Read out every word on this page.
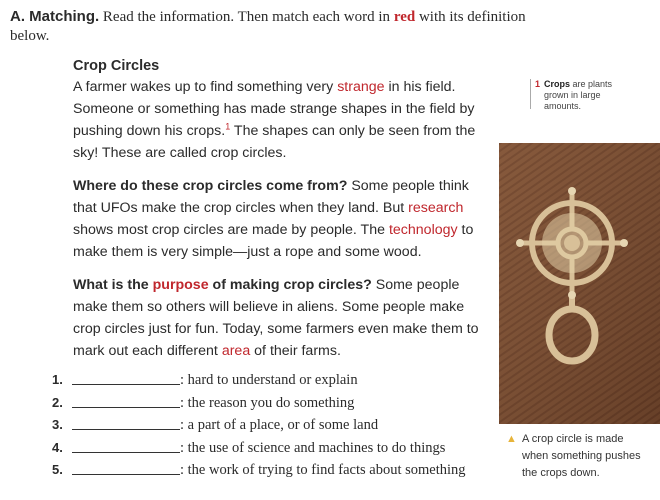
A. Matching. Read the information. Then match each word in red with its definition below.
Crop Circles

A farmer wakes up to find something very strange in his field. Someone or something has made strange shapes in the field by pushing down his crops.$^1$ The shapes can only be seen from the sky! These are called crop circles.

Where do these crop circles come from? Some people think that UFOs make the crop circles when they land. But research shows most crop circles are made by people. The technology to make them is very simple—just a rope and some wood.

What is the purpose of making crop circles? Some people make them so others will believe in aliens. Some people make crop circles just for fun. Today, some farmers even make them to mark out each different area of their farms.

1 Crops are plants grown in large amounts.
▲ A crop circle is made when something pushes the crops down.
1.	: hard to understand or explain
2.	: the reason you do something
3.	: a part of a place, or of some land
4.	: the use of science and machines to do things
5.	: the work of trying to find facts about something
